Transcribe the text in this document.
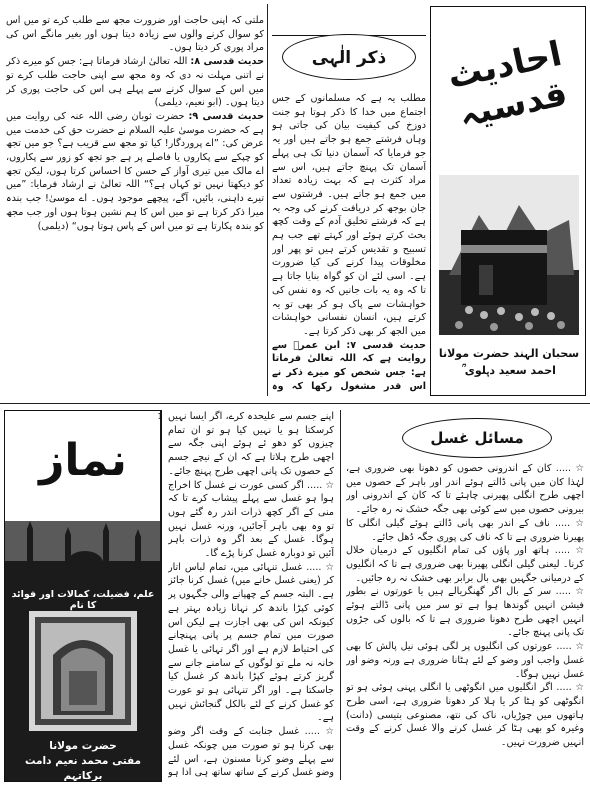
ملتی کہ اپنی حاجت اور ضرورت مجھ سے طلب کرے تو میں اس کو سوال کرنے والوں سے زیادہ دیتا ہوں اور بغیر مانگے اس کی مراد پوری کر دیتا ہوں۔

حدیث قدسی ۸: اللہ تعالیٰ ارشاد فرماتا ہے: جس کو میرے ذکر نے اتنی مہلت نہ دی کہ وہ مجھ سے اپنی حاجت طلب کرے تو میں اس کے سوال کرنے سے پہلے ہی اس کی حاجت پوری کر دیتا ہوں۔ (ابو نعیم، دیلمی)

حدیث قدسی ۹: حضرت ثوبان رضی اللہ عنہ کی روایت میں ہے کہ حضرت موسیٰ علیہ السلام نے حضرت حق کی خدمت میں عرض کی: ”اے پروردگار! کیا تو مجھ سے قریب ہے؟ جو میں تجھ کو چپکے سے پکاروں یا فاصلے پر ہے جو تجھ کو زور سے پکاروں، اے مالک میں تیری آواز کے حسن کا احساس کرتا ہوں، لیکن تجھ کو دیکھتا نہیں تو کہاں ہے؟“ اللہ تعالیٰ نے ارشاد فرمایا: ”میں تیرے داہنی، بائیں، آگے، پیچھے موجود ہوں۔ اے موسیٰ! جب بندہ میرا ذکر کرتا ہے تو میں اس کا ہم نشین ہوتا ہوں اور جب مجھ کو بندہ پکارتا ہے تو میں اس کے پاس ہوتا ہوں“ (دیلمی)

ذکر الٰہی

مطلب یہ ہے کہ مسلمانوں کے جس اجتماع میں خدا کا ذکر ہوتا ہو جنت دوزخ کی کیفیت بیان کی جاتی ہو وہاں فرشتے جمع ہو جاتے ہیں اور یہ جو فرمایا کہ آسمان دنیا تک ہی پہلے آسمان تک پہنچ جاتے ہیں، اس سے مراد کثرت ہے کہ بہت زیادہ تعداد میں جمع ہو جاتے ہیں۔ فرشتوں سے جان بوجھ کر دریافت کرنے کی وجہ یہ ہے کہ فرشتے تخلیق آدم کے وقت کچھ بحث کرتے ہوئے اور کہتے تھے جب ہم تسبیح و تقدیس کرتے ہیں تو پھر اور مخلوقات پیدا کرنے کی کیا ضرورت ہے۔ اسی لئے ان کو گواہ بنایا جاتا ہے تا کہ وہ یہ بات جانیں کہ وہ نفس کی خواہشات سے پاک ہو کر بھی تو یہ کرتے ہیں، انسان نفسانی خواہشات میں الجھ کر بھی ذکر کرتا ہے۔

حدیث قدسی ۷: ابن عمرؓ سے روایت ہے کہ اللہ تعالیٰ فرماتا ہے: جس شخص کو میرے ذکر نے اس قدر مشغول رکھا کہ وہ

احادیث قدسیہ
سحبان الہند حضرت مولانا
احمد سعید دہلوی ؒ
نماز
علم، فضیلت، کمالات اور فوائد کا نام
حضرت مولانا
مفتی محمد نعیم دامت برکاتہم
1 اپنے جسم سے علیحدہ کرے، اگر ایسا نہیں کرسکتا ہو یا نہیں کیا ہو تو ان تمام چیزوں کو دھو ئے ہوئے اپنی جگہ سے اچھی طرح ہلاتا ہے کہ ان کے نیچے جسم کے حصوں تک پانی اچھی طرح پہنچ جائے۔

☆ ..... اگر کسی عورت نے غسل کا اخراج ہوا ہو غسل سے پہلے پیشاب کرے تا کہ منی کے اگر کچھ ذرات اندر رہ گئے ہوں تو وہ بھی باہر آجائیں، ورنہ غسل نہیں ہوگا۔ غسل کے بعد اگر وہ ذرات باہر آئیں تو دوبارہ غسل کرنا پڑے گا۔

☆ ..... غسل تنہائی میں، تمام لباس اتار کر (یعنی غسل خانے میں) غسل کرنا جائز ہے۔ البتہ جسم کے چھپانے والی جگہوں پر کوئی کپڑا باندھ کر نہانا زیادہ بہتر ہے کیونکہ اس کی بھی اجازت ہے لیکن اس صورت میں تمام جسم پر پانی پہنچانے کی احتیاط لازم ہے اور اگر تہائی یا غسل خانہ نہ ملے تو لوگوں کے سامنے جانے سے گریز کرتے ہوئے کپڑا باندھ کر غسل کیا جاسکتا ہے۔ اور اگر تنہائی ہو تو عورت کو غسل کرنے کے لئے بالکل گنجائش نہیں ہے۔

☆ ..... غسل جنابت کے وقت اگر وضو بھی کرنا ہو تو صورت میں چونکہ غسل سے پہلے وضو کرنا مسنون ہے، اس لئے وضو غسل کرنے کے ساتھ ساتھ ہی ادا ہو

مسائل غسل

☆ ..... کان کے اندرونی حصوں کو دھونا بھی ضروری ہے، لہٰذا کان میں پانی ڈالتے ہوئے اندر اور باہر کے حصوں میں اچھی طرح انگلی پھیرنی چاہئے تا کہ کان کے اندرونی اور بیرونی حصوں میں سے کوئی بھی جگہ خشک نہ رہ جائے۔

☆ ..... ناف کے اندر بھی پانی ڈالتے ہوئے گیلی انگلی کا پھیرنا ضروری ہے تا کہ ناف کی پوری جگہ دُھل جائے۔

☆ ..... ہاتھ اور پاؤں کی تمام انگلیوں کے درمیان خلال کرنا۔ لیعنی گیلی انگلی پھیرنا بھی ضروری ہے تا کہ انگلیوں کے درمیانی جگہیں بھی بال برابر بھی خشک نہ رہ جائیں۔

☆ ..... سر کے بال اگر گھنگریالے ہیں یا عورتوں نے بطور فیشن انہیں گوندھا ہوا ہے تو سر میں پانی ڈالتے ہوئے انہیں اچھی طرح دھونا ضروری ہے تا کہ بالوں کی جڑوں تک پانی پہنچ جائے۔

☆ ..... عورتوں کی انگلیوں پر لگی ہوئی نیل پالش کا بھی غسل واجب اور وضو کے لئے ہٹانا ضروری ہے ورنہ وضو اور غسل نہیں ہوگا۔

☆ ..... اگر انگلیوں میں انگوٹھی یا انگلی پہنی ہوئی ہو تو انگوٹھی کو ہٹا کر یا ہلا کر دھونا ضروری ہے، اسی طرح ہاتھوں میں چوڑیاں، ناک کی نتھ، مصنوعی بتیسی (دانت) وغیرہ کو بھی ہٹا کر غسل کرنے والا غسل کرنے کے وقت انہیں ضرورت نہیں۔
